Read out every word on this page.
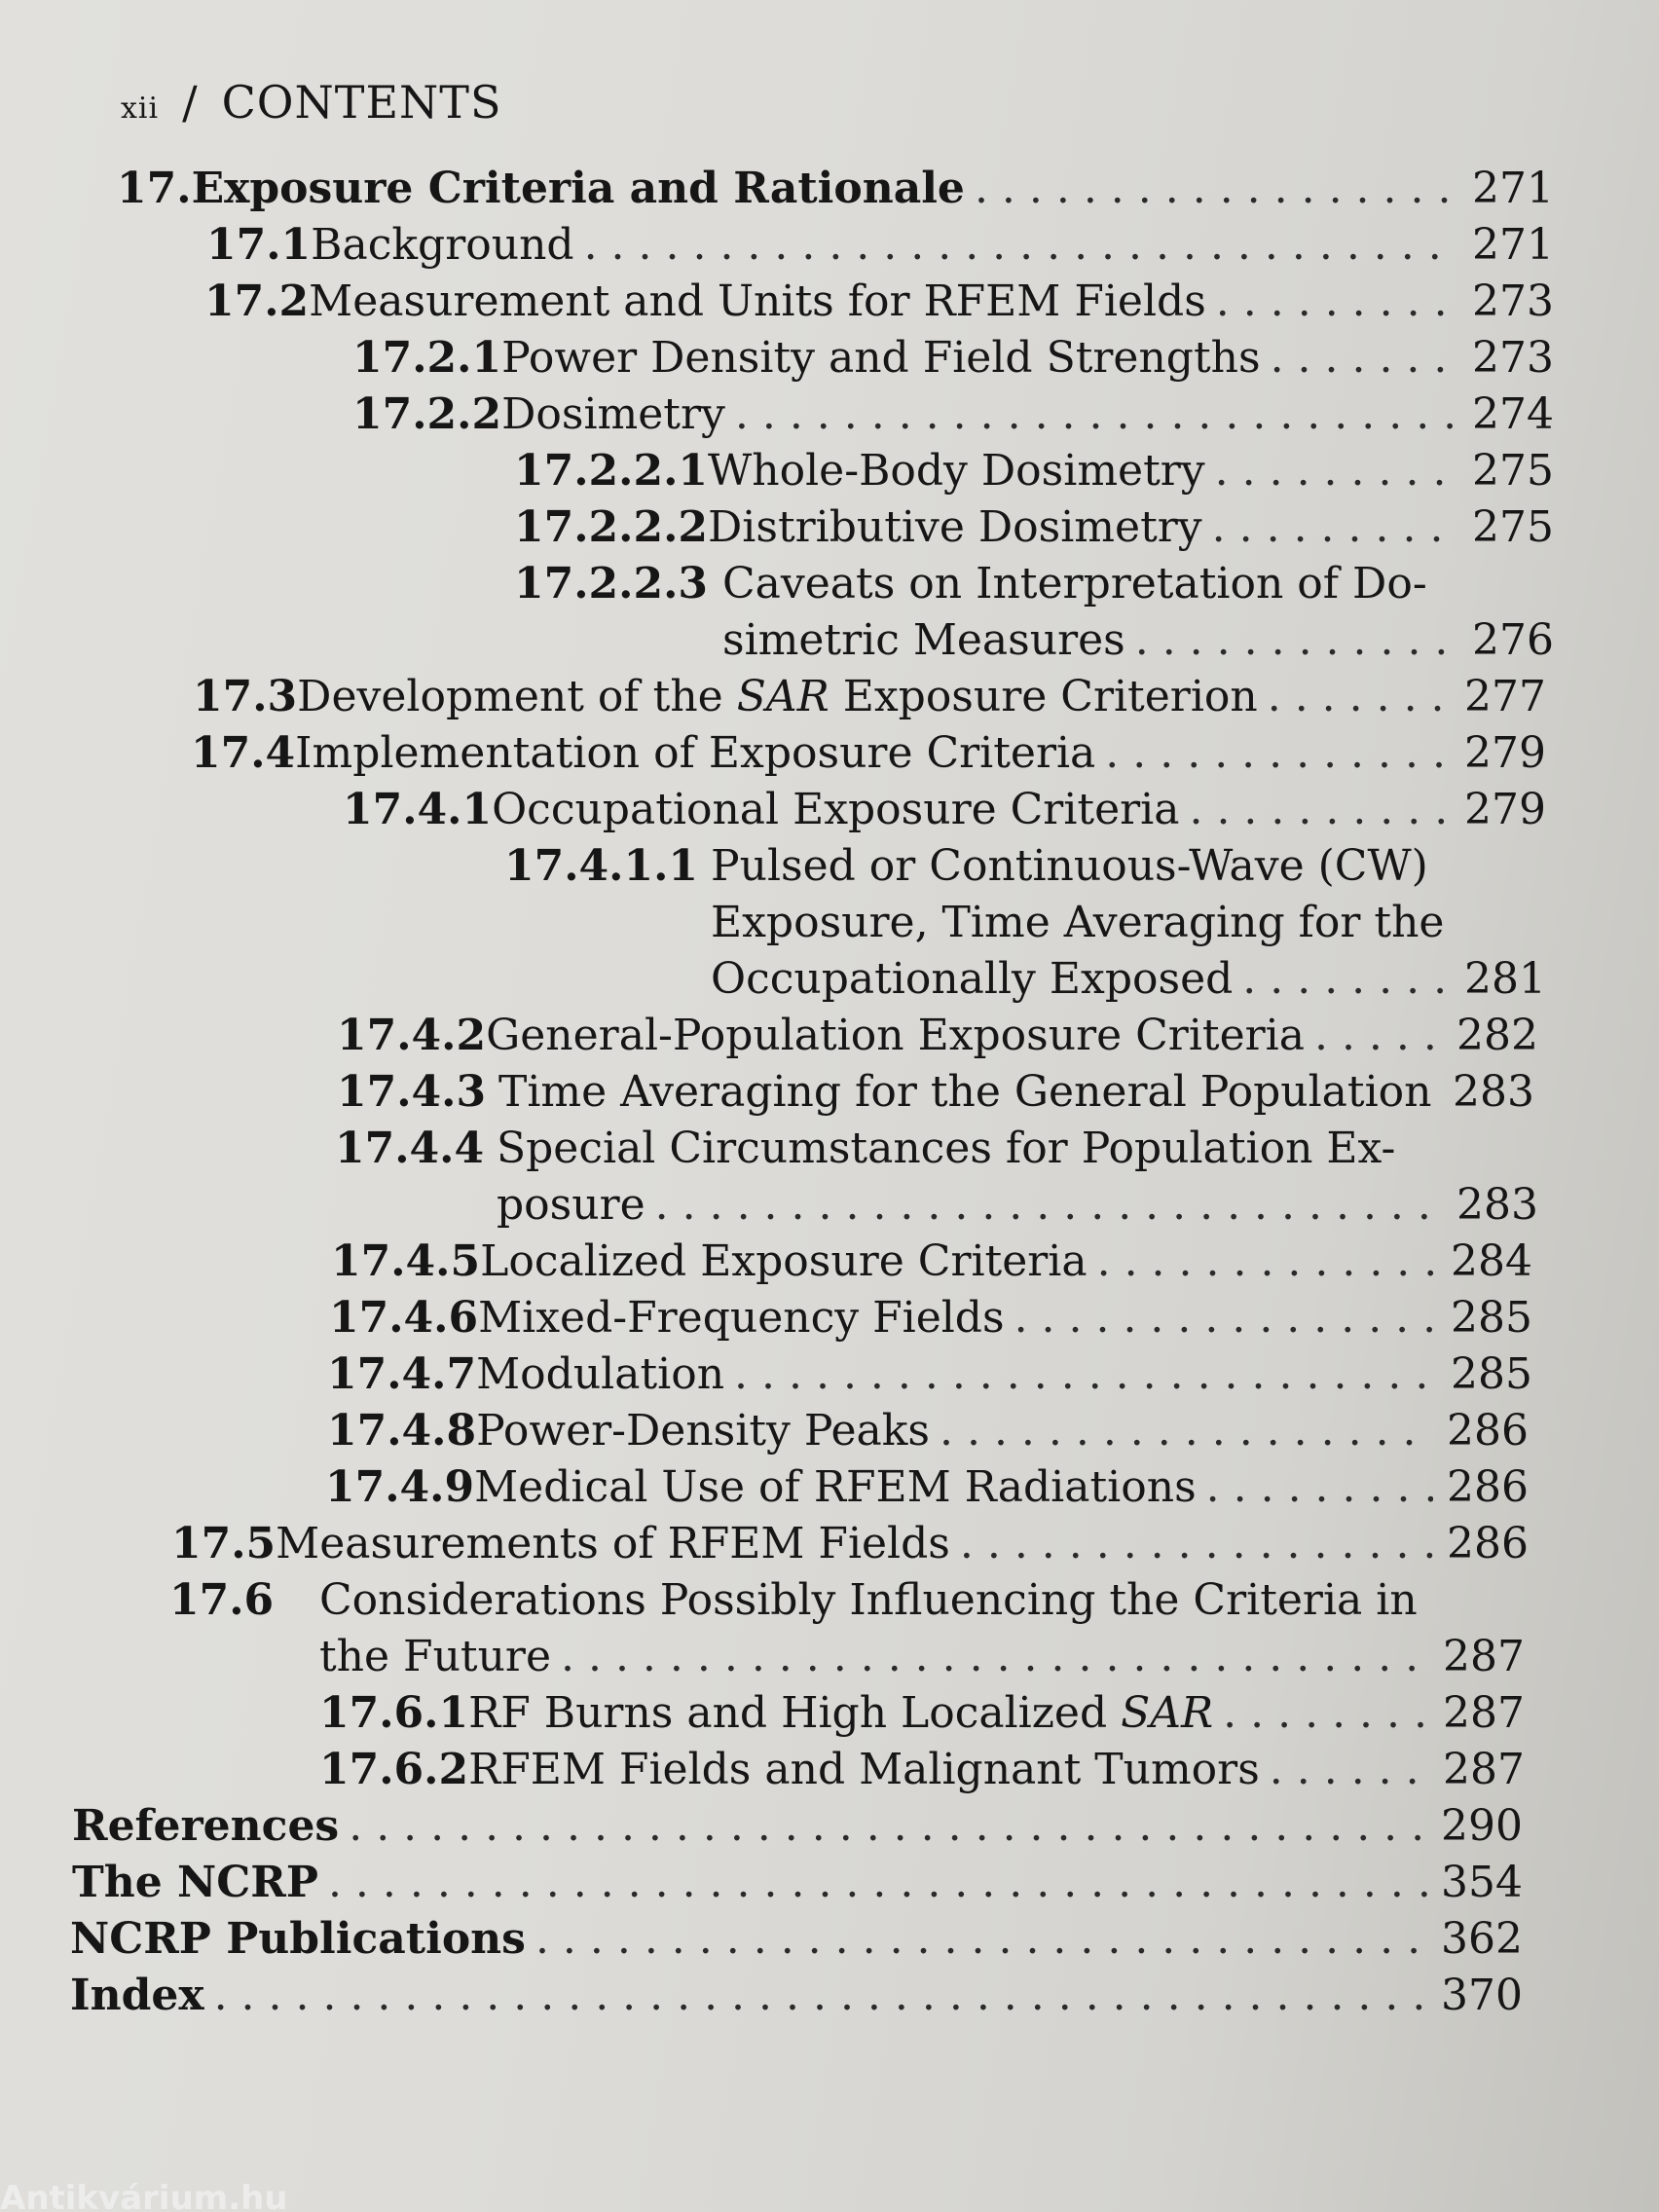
xii / CONTENTS
17. Exposure Criteria and Rationale . . .	271
17.1 Background . . .	271
17.2 Measurement and Units for RFEM Fields . . .	273
17.2.1 Power Density and Field Strengths . . .	273
17.2.2 Dosimetry . . .	274
17.2.2.1 Whole-Body Dosimetry . . .	275
17.2.2.2 Distributive Dosimetry . . .	275
17.2.2.3 Caveats on Interpretation of Do-
simetric Measures . . .	276
17.3 Development of the SAR Exposure Criterion . . .	277
17.4 Implementation of Exposure Criteria . . .	279
17.4.1 Occupational Exposure Criteria . . .	279
17.4.1.1 Pulsed or Continuous-Wave (CW)
Exposure, Time Averaging for the
Occupationally Exposed . . .	281
17.4.2 General-Population Exposure Criteria . . .	282
17.4.3 Time Averaging for the General Population 283
17.4.4 Special Circumstances for Population Ex-
posure . . .	283
17.4.5 Localized Exposure Criteria . . .	284
17.4.6 Mixed-Frequency Fields . . .	285
17.4.7 Modulation . . .	285
17.4.8 Power-Density Peaks . . .	286
17.4.9 Medical Use of RFEM Radiations . . .	286
17.5 Measurements of RFEM Fields . . .	286
17.6	Considerations Possibly Influencing the Criteria in
the Future . . .	287
17.6.1 RF Burns and High Localized SAR . . .	287
17.6.2 RFEM Fields and Malignant Tumors . . .	287
References . . .	290
The NCRP . . .	354
NCRP Publications . . .	362
Index . . .	370
Antikvárium.hu
